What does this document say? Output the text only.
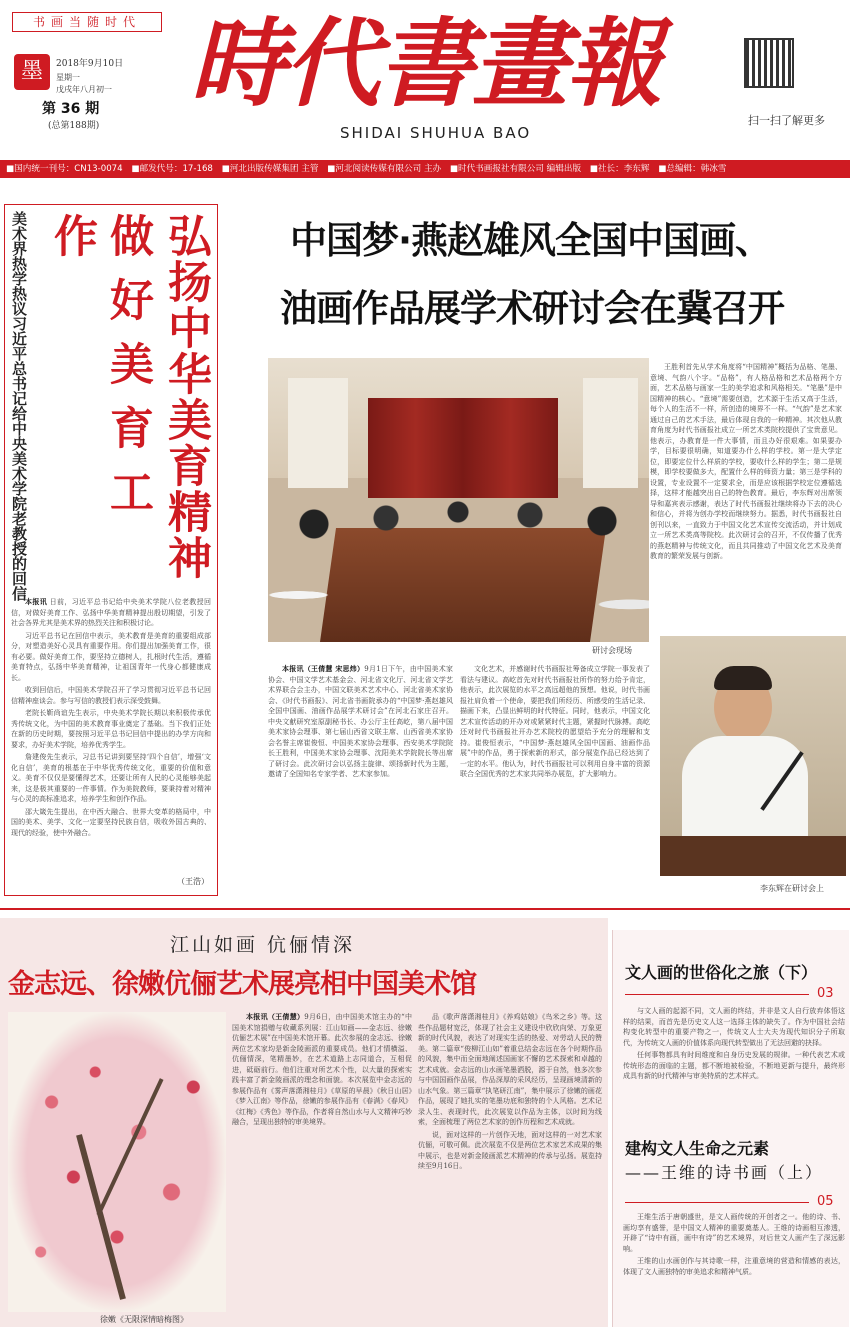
书画当随时代
墨	2018年9月10日
星期一
戊戌年八月初一
第 36 期
(总第188期)
時代書畫報
SHIDAI SHUHUA BAO
扫一扫了解更多
■国内统一刊号：CN13-0074 ■邮发代号：17-168 ■河北出版传媒集团 主管 ■河北阅读传媒有限公司 主办 ■时代书画报社有限公司 编辑出版 ■社长：李东辉 ■总编辑：韩冰雪
弘扬中华美育精神
做好美育工作
美术界热学热议习近平总书记给中央美术学院老教授的回信

本报讯 日前，习近平总书记给中央美术学院八位老教授回信，对做好美育工作、弘扬中华美育精神提出殷切期望，引发了社会各界尤其是美术界的热烈关注和积极讨论。

习近平总书记在回信中表示，美术教育是美育的重要组成部分，对塑造美好心灵具有重要作用。你们提出加强美育工作，很有必要。做好美育工作，要坚持立德树人，扎根时代生活，遵循美育特点，弘扬中华美育精神，让祖国青年一代身心都健康成长。

收到回信后，中国美术学院召开了学习贯彻习近平总书记回信精神座谈会。参与写信的教授们表示深受鼓舞。

老院长靳尚谊先生表示，中央美术学院长期以来积极传承优秀传统文化，为中国的美术教育事业奠定了基础。当下我们正处在新的历史时期，要按照习近平总书记回信中提出的办学方向和要求，办好美术学院，培养优秀学生。

詹建俊先生表示，习总书记讲到要坚持‘四个自信’，增强‘文化自信’，美育的根基在于中华优秀传统文化，重要的价值和意义。美育不仅仅是要懂得艺术，还要让所有人民的心灵能够美起来，这是极其重要的一件事情。作为美院教师，要秉持着对精神与心灵的高标准追求，培养学生和创作作品。

邵大箴先生提出，在中西大融合、世界大变革的格局中，中国的美术、美学、文化一定要坚持民族自信，吸收外国古典的、现代的经验，使中外融合。

（王浩）
中国梦·燕赵雄风全国中国画、
油画作品展学术研讨会在冀召开
研讨会现场

王胜利首先从学术角度将“中国精神”概括为品格、笔墨、意境、气韵八个字。“品格”，有人格品格和艺术品格两个方面，艺术品格与画家一生的美学追求和风格相关。“笔墨”是中国精神的核心。“意境”需要创造，艺术源于生活又高于生活，每个人的生活不一样，所创造的境界不一样。“气韵”是艺术家通过自己的艺术手法，最后体现自我的一种精神。其次他从教育角度为时代书画报社成立一所艺术类院校提供了宝贵意见。他表示，办教育是一件大事情，而且办好很艰难。如果要办学，目标要很明确，知道要办什么样的学校。第一是大学定位，即要定位什么样质的学校，要收什么样的学生；第二是规模，即学校要做多大，配置什么样的师资力量；第三是学科的设置，专业设置不一定要求全，而是应该根据学校定位遵循选择，这样才能越突出自己的特色教育。最后，李东辉对出席领导和嘉宾表示感谢，表达了时代书画报社继续将办下去的决心和信心，并将为创办学校而继续努力。据悉，时代书画报社自创刊以来，一直致力于中国文化艺术宣传交流活动，并计划成立一所艺术类高等院校。此次研讨会的召开，不仅传播了优秀的燕赵精神与传统文化，而且共同推动了中国文化艺术及美育教育的繁荣发展与创新。

本报讯（王倩慧 宋思炜）9月1日下午，由中国美术家协会、中国文学艺术基金会、河北省文化厅、河北省文学艺术界联合会主办，中国文联美术艺术中心、河北省美术家协会、《时代书画报》、河北省书画院承办的“中国梦·燕赵雄风全国中国画、油画作品展学术研讨会”在河北石家庄召开。中央文献研究室原副秘书长、办公厅主任高屹，第八届中国美术家协会理事、第七届山西省文联主席、山西省美术家协会名誉主席崔俊恒、中国美术家协会理事、西安美术学院院长王胜利，中国美术家协会理事、沈阳美术学院院长等出席了研讨会。此次研讨会以弘扬主旋律、颂扬新时代为主题，邀请了全国知名专家学者、艺术家参加。

文化艺术，并感谢时代书画报社筹备成立学院一事发表了看法与建议。高屹首先对时代书画报社所作的努力给予肯定，他表示，此次展览的水平之高远超他的预想。他说，时代书画报社肩负着一个使命，要把我们所经历、所感受的生活记录、描画下来，凸显出鲜明的时代特征。同时，他表示，中国文化艺术宣传活动的开办对或紧紧时代主题，紧握时代脉搏。高屹还对时代书画报社开办艺术院校的愿望给予充分的理解和支持。崔俊恒表示，“中国梦·燕赵雄风全国中国画、油画作品展”中的作品，勇于探索新的形式，部分展览作品已经达到了一定的水平。他认为，时代书画报社可以利用自身丰富的资源联合全国优秀的艺术家共同举办展览，扩大影响力。

李东辉在研讨会上
江山如画 伉俪情深
金志远、徐嫩伉俪艺术展亮相中国美术馆
徐嫩《无限深情暗梅图》

本报讯（王倩慧）9月6日，由中国美术馆主办的“中国美术馆捐赠与收藏系列展：江山如画——金志远、徐嫩伉俪艺术展”在中国美术馆开幕。此次参展的金志远、徐嫩两位艺术家均是新金陵画派的重要成员。他们才情横溢、伉俪情深，笔精墨妙，在艺术道路上志同道合，互相促进，砥砺前行。他们注重对所艺术个性，以大量的探索实践丰富了新金陵画派的理念和面貌。本次展览中金志远的参展作品有《雾声落潇湘桂月》《草原的早晨》《秋日山居》《梦入江南》等作品，徐嫩的参展作品有《春满》《春风》《红梅》《秀色》等作品，作者将自然山水与人文精神巧妙融合，呈现出独特的审美境界。

品《歌声落潇湘桂月》《养鸡姑娘》《鸟米之乡》等。这些作品题材宽泛，体现了社会主义建设中欣欣向荣、万象更新的时代风貌，表达了对现实生活的热爱、对劳动人民的赞美。第二篇章“俊柳江山如”着重总结金志远在各个时期作品的风貌，集中而全面地阐述国画家不懈的艺术探索和卓越的艺术成就。金志远的山水画笔墨洒脱，源于自然，他多次参与中国国画作品展，作品深厚的采风经历，呈现画境清新的山水气象。第三篇章“执笔研江南”，集中展示了徐嫩的画花作品，展现了她扎实的笔墨功底和独特的个人风格。艺术记录人生、表现时代，此次展览以作品为主体，以时间为线索，全面梳理了两位艺术家的创作历程和艺术成就。

说，面对这样的一片创作天地，面对这样的一对艺术家伉俪，可敬可佩。此次展览不仅是两位艺术家艺术成果的集中展示，也是对新金陵画派艺术精神的传承与弘扬。展览持续至9月16日。

文人画的世俗化之旅（下）
03

与文人画的起源不同，文人画的终结，并非是文人自行放弃体悟这样的结果，而首先是历史文人这一选择主体的缺失了。作为中国社会结构变化转型中的重要产物之一，传统文人士大夫为现代知识分子所取代，为传统文人画的价值体系向现代转型做出了无法回避的抉择。

任何事物都具有时间维度和自身历史发展的规律。一种代表艺术或传统形态的面临的主题，都不断地被检验，不断地更新与提升，最终形成具有新的时代精神与审美特质的艺术样式。

建构文人生命之元素
——王维的诗书画（上）
05

王维生活于唐朝盛世，是文人画传统的开创者之一。他的诗、书、画均享有盛誉，是中国文人精神的重要奠基人。王维的诗画相互渗透，开辟了“诗中有画，画中有诗”的艺术境界，对后世文人画产生了深远影响。

王维的山水画创作与其诗歌一样，注重意境的营造和情感的表达，体现了文人画独特的审美追求和精神气质。
